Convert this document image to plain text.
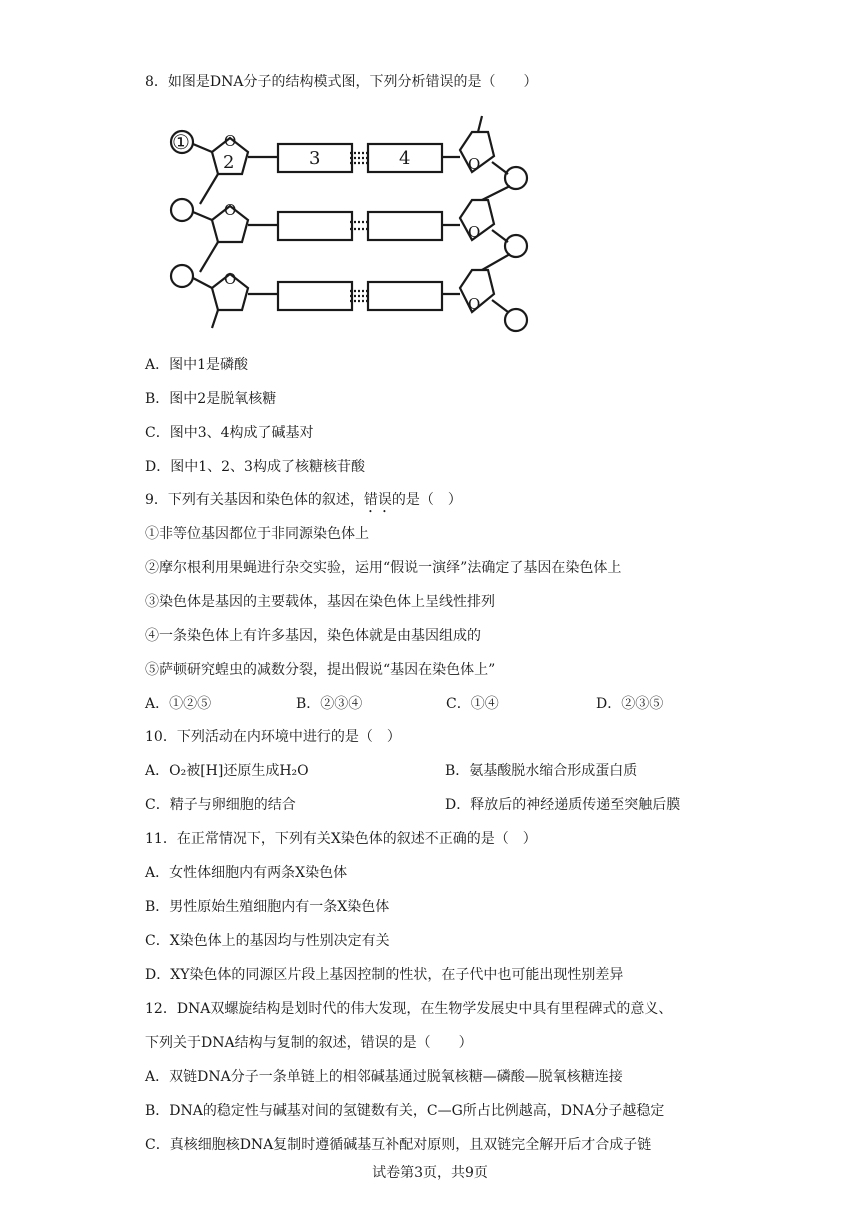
8．如图是DNA分子的结构模式图，下列分析错误的是（　　）
①
2	3	4
O
O
O
O
O
O
A．图中1是磷酸
B．图中2是脱氧核糖
C．图中3、4构成了碱基对
D．图中1、2、3构成了核糖核苷酸
9．下列有关基因和染色体的叙述，错误的是（　）
①非等位基因都位于非同源染色体上
②摩尔根利用果蝇进行杂交实验，运用“假说一演绎”法确定了基因在染色体上
③染色体是基因的主要载体，基因在染色体上呈线性排列
④一条染色体上有许多基因，染色体就是由基因组成的
⑤萨顿研究蝗虫的减数分裂，提出假说“基因在染色体上”
A．①②⑤	B．②③④	C．①④	D．②③⑤
10．下列活动在内环境中进行的是（　）
A．O₂被[H]还原生成H₂O	B．氨基酸脱水缩合形成蛋白质
C．精子与卵细胞的结合	D．释放后的神经递质传递至突触后膜
11．在正常情况下，下列有关X染色体的叙述不正确的是（　）
A．女性体细胞内有两条X染色体
B．男性原始生殖细胞内有一条X染色体
C．X染色体上的基因均与性别决定有关
D．XY染色体的同源区片段上基因控制的性状，在子代中也可能出现性别差异
12．DNA双螺旋结构是划时代的伟大发现，在生物学发展史中具有里程碑式的意义、
下列关于DNA结构与复制的叙述，错误的是（　　）
A．双链DNA分子一条单链上的相邻碱基通过脱氧核糖—磷酸—脱氧核糖连接
B．DNA的稳定性与碱基对间的氢键数有关，C—G所占比例越高，DNA分子越稳定
C．真核细胞核DNA复制时遵循碱基互补配对原则，且双链完全解开后才合成子链
试卷第3页，共9页
